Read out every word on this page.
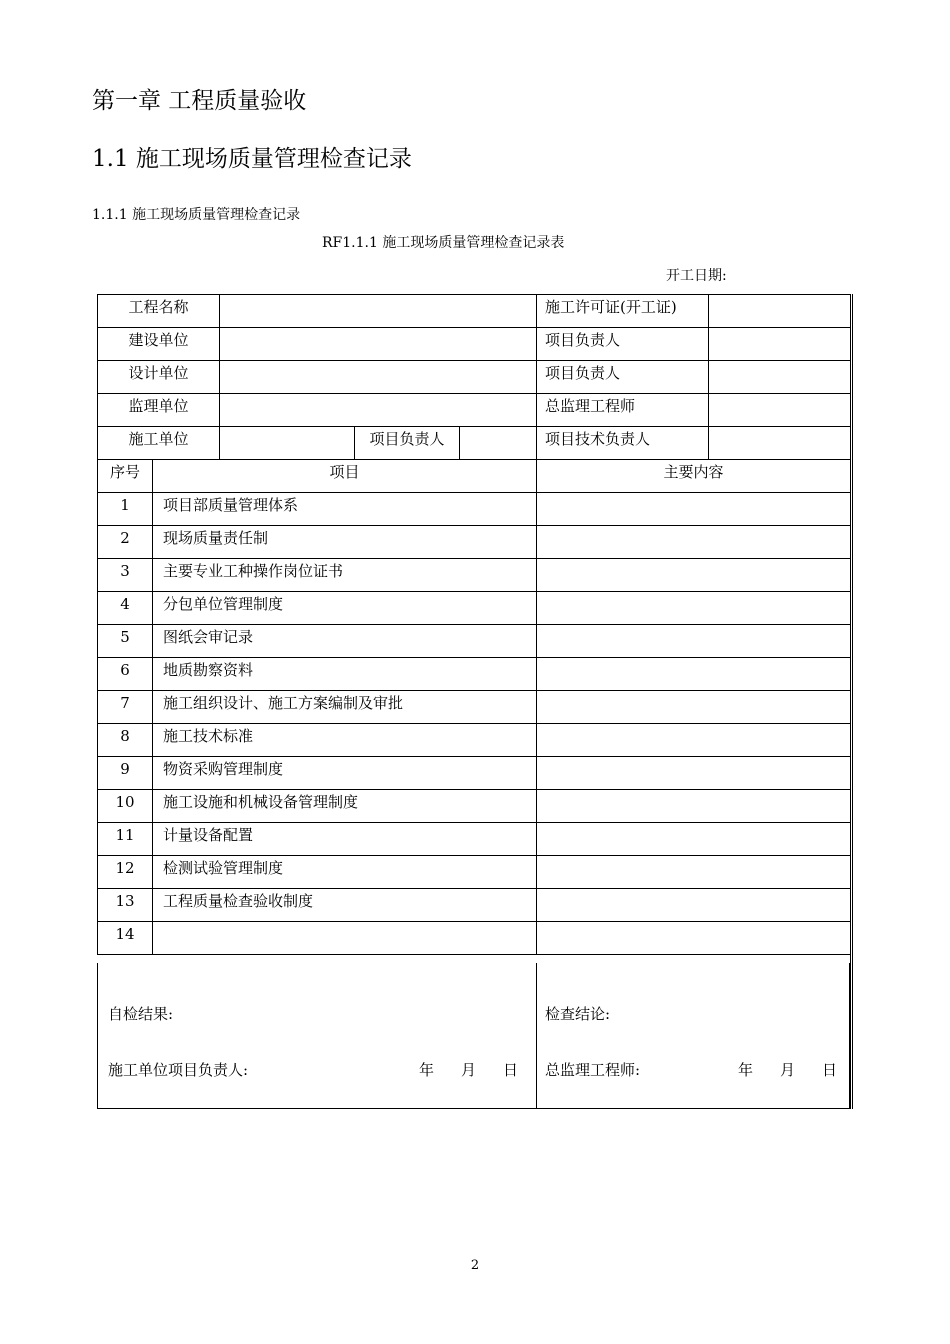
第一章 工程质量验收
1.1 施工现场质量管理检查记录
1.1.1 施工现场质量管理检查记录
RF1.1.1 施工现场质量管理检查记录表
开工日期:
工程名称					施工许可证(开工证)	
建设单位					项目负责人	
设计单位					项目负责人	
监理单位					总监理工程师	
施工单位			项目负责人		项目技术负责人	
序号	项目				主要内容	
1	项目部质量管理体系					
2	现场质量责任制					
3	主要专业工种操作岗位证书					
4	分包单位管理制度					
5	图纸会审记录					
6	地质勘察资料					
7	施工组织设计、施工方案编制及审批					
8	施工技术标准					
9	物资采购管理制度					
10	施工设施和机械设备管理制度					
11	计量设备配置					
12	检测试验管理制度					
13	工程质量检查验收制度					
14						
自检结果:
施工单位项目负责人:	年 月 日
检查结论:
总监理工程师:	年 月 日
2
